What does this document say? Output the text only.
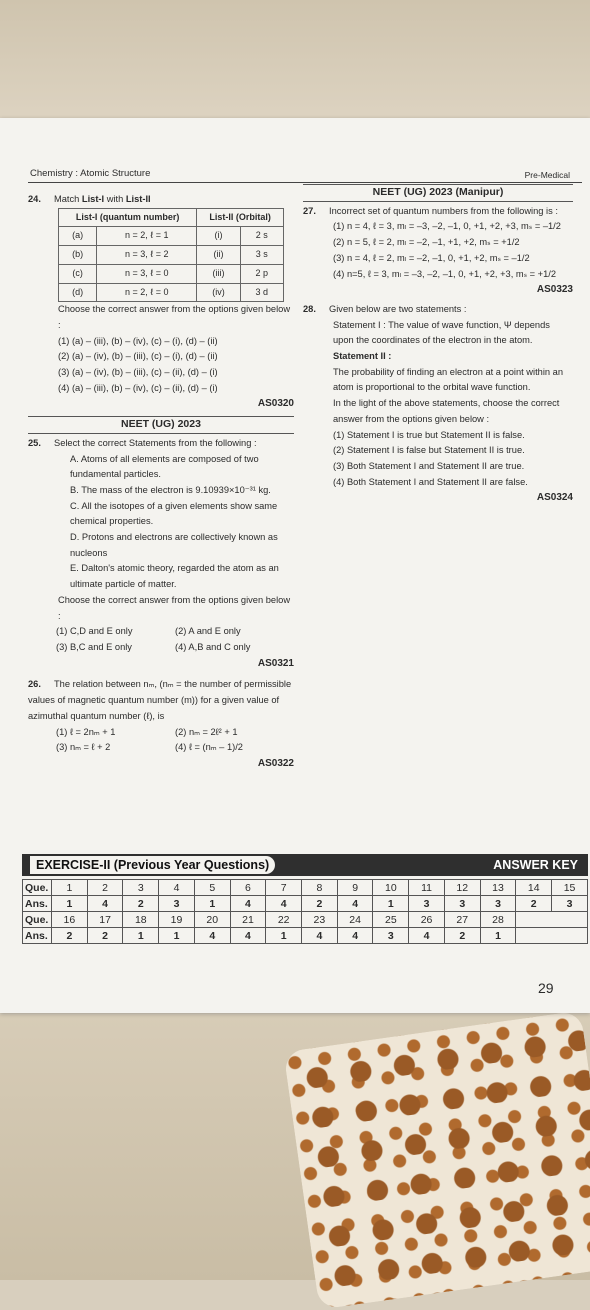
Chemistry : Atomic Structure	Pre-Medical
24. Match List-I with List-II
List-I (quantum number)		List-II (Orbital)	
(a)	n = 2, ℓ = 1	(i)	2 s
(b)	n = 3, ℓ = 2	(ii)	3 s
(c)	n = 3, ℓ = 0	(iii)	2 p
(d)	n = 2, ℓ = 0	(iv)	3 d
Choose the correct answer from the options given below :
(1) (a) – (iii), (b) – (iv), (c) – (i), (d) – (ii)
(2) (a) – (iv), (b) – (iii), (c) – (i), (d) – (ii)
(3) (a) – (iv), (b) – (iii), (c) – (ii), (d) – (i)
(4) (a) – (iii), (b) – (iv), (c) – (ii), (d) – (i)
AS0320
NEET (UG) 2023
25. Select the correct Statements from the following :
A. Atoms of all elements are composed of two fundamental particles.
B. The mass of the electron is 9.10939×10⁻³¹ kg.
C. All the isotopes of a given elements show same chemical properties.
D. Protons and electrons are collectively known as nucleons
E. Dalton's atomic theory, regarded the atom as an ultimate particle of matter.
Choose the correct answer from the options given below :
(1) C,D and E only	(2) A and E only
(3) B,C and E only	(4) A,B and C only
AS0321
26. The relation between nₘ, (nₘ = the number of permissible values of magnetic quantum number (m)) for a given value of azimuthal quantum number (ℓ), is
(1) ℓ = 2nₘ + 1	(2) nₘ = 2ℓ² + 1
(3) nₘ = ℓ + 2	(4) ℓ = (nₘ – 1)/2
AS0322
NEET (UG) 2023 (Manipur)
27. Incorrect set of quantum numbers from the following is :
(1) n = 4, ℓ = 3, mₗ = –3, –2, –1, 0, +1, +2, +3, mₛ = –1/2
(2) n = 5, ℓ = 2, mₗ = –2, –1, +1, +2, mₛ = +1/2
(3) n = 4, ℓ = 2, mₗ = –2, –1, 0, +1, +2, mₛ = –1/2
(4) n=5, ℓ = 3, mₗ = –3, –2, –1, 0, +1, +2, +3, mₛ = +1/2
AS0323
28. Given below are two statements :
Statement I : The value of wave function, Ψ depends upon the coordinates of the electron in the atom.
Statement II :
The probability of finding an electron at a point within an atom is proportional to the orbital wave function.
In the light of the above statements, choose the correct answer from the options given below :
(1) Statement I is true but Statement II is false.
(2) Statement I is false but Statement II is true.
(3) Both Statement I and Statement II are true.
(4) Both Statement I and Statement II are false.
AS0324
EXERCISE-II (Previous Year Questions)	ANSWER KEY
Que.	1	2	3	4	5	6	7	8	9	10	11	12	13	14	15
Ans.	1	4	2	3	1	4	4	2	4	1	3	3	3	2	3
Que.	16	17	18	19	20	21	22	23	24	25	26	27	28		
Ans.	2	2	1	1	4	4	1	4	4	3	4	2	1		
29
